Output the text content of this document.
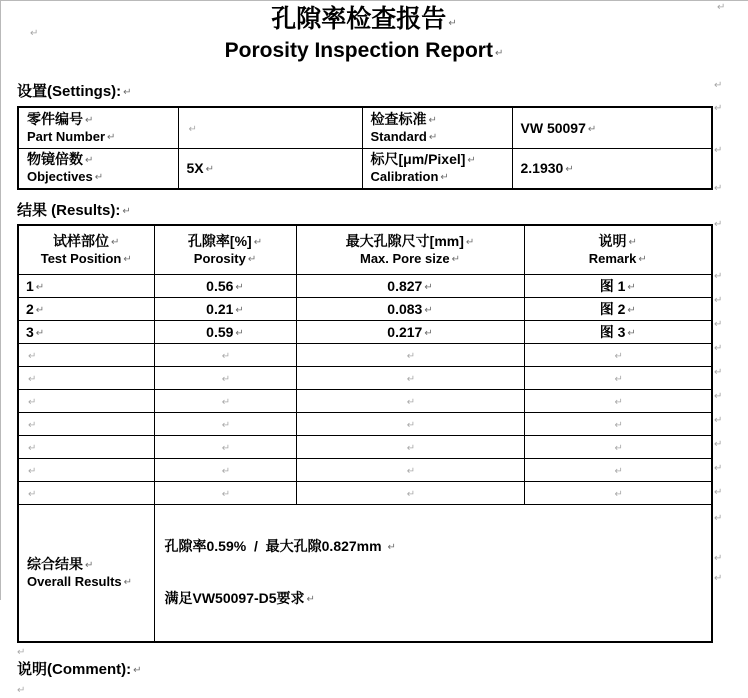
孔隙率检查报告 ↵
Porosity Inspection Report ↵
设置(Settings): ↵
零件编号 ↵
Part Number ↵	↵	检查标准 ↵
Standard ↵	VW 50097 ↵

物镜倍数 ↵
Objectives ↵	5X ↵	标尺[μm/Pixel] ↵
Calibration ↵	2.1930 ↵
结果 (Results): ↵
试样部位 ↵
Test Position ↵	孔隙率[%] ↵
Porosity ↵	最大孔隙尺寸[mm] ↵
Max. Pore size ↵	说明 ↵
Remark ↵

1 ↵	0.56 ↵	0.827 ↵	图 1 ↵
2 ↵	0.21 ↵	0.083 ↵	图 2 ↵
3 ↵	0.59 ↵	0.217 ↵	图 3 ↵
↵	↵	↵	↵
↵	↵	↵	↵
↵	↵	↵	↵
↵	↵	↵	↵
↵	↵	↵	↵
↵	↵	↵	↵
↵	↵	↵	↵

综合结果 ↵
Overall Results ↵	孔隙率0.59%  /  最大孔隙0.827mm ↵

满足VW50097-D5要求 ↵		

↵
说明(Comment): ↵
↵
↵
↵
↵
↵
↵
↵
↵
↵
↵
↵
↵
↵
↵
↵
↵
↵
↵
↵
↵
↵
